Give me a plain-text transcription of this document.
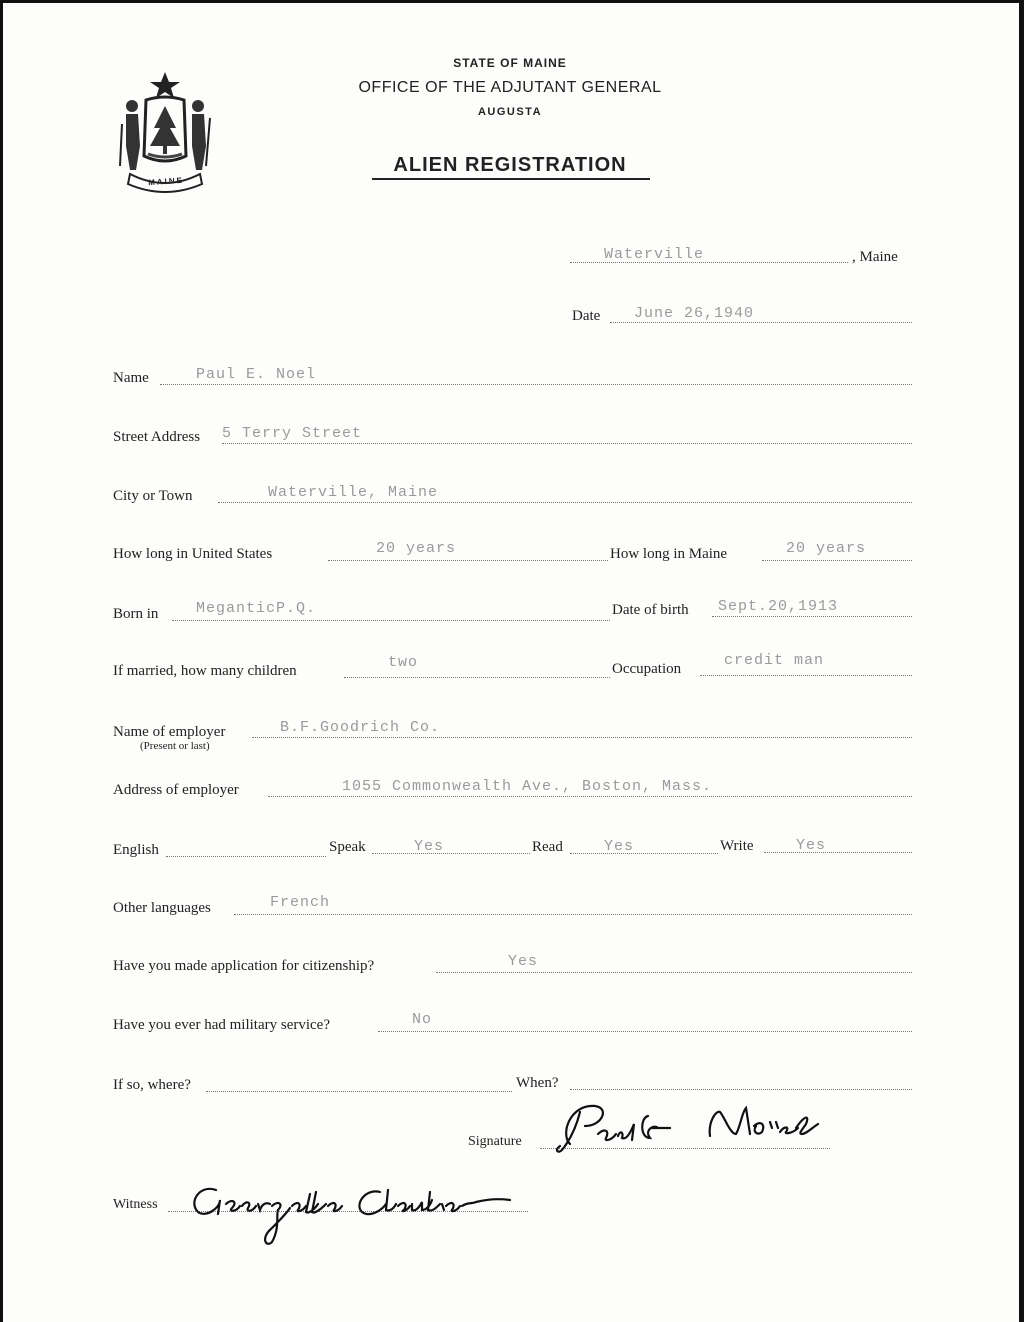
MAINE
STATE OF MAINE
OFFICE OF THE ADJUTANT GENERAL
AUGUSTA
ALIEN REGISTRATION
Waterville	, Maine
Date June 26,1940
Name	Paul E. Noel
Street Address 5 Terry Street
City or Town	Waterville, Maine
How long in United States	20 years	How long in Maine	20 years
Born in	MeganticP.Q.	Date of birth Sept.20,1913
If married, how many children	two	Occupation	credit man
Name of employer
(Present or last)
B.F.Goodrich Co.
Address of employer	1055 Commonwealth Ave., Boston, Mass.
English	Speak	Yes	Read	Yes	Write	Yes
Other languages	French
Have you made application for citizenship?	Yes
Have you ever had military service?	No
If so, where?	When?
Signature
Witness
